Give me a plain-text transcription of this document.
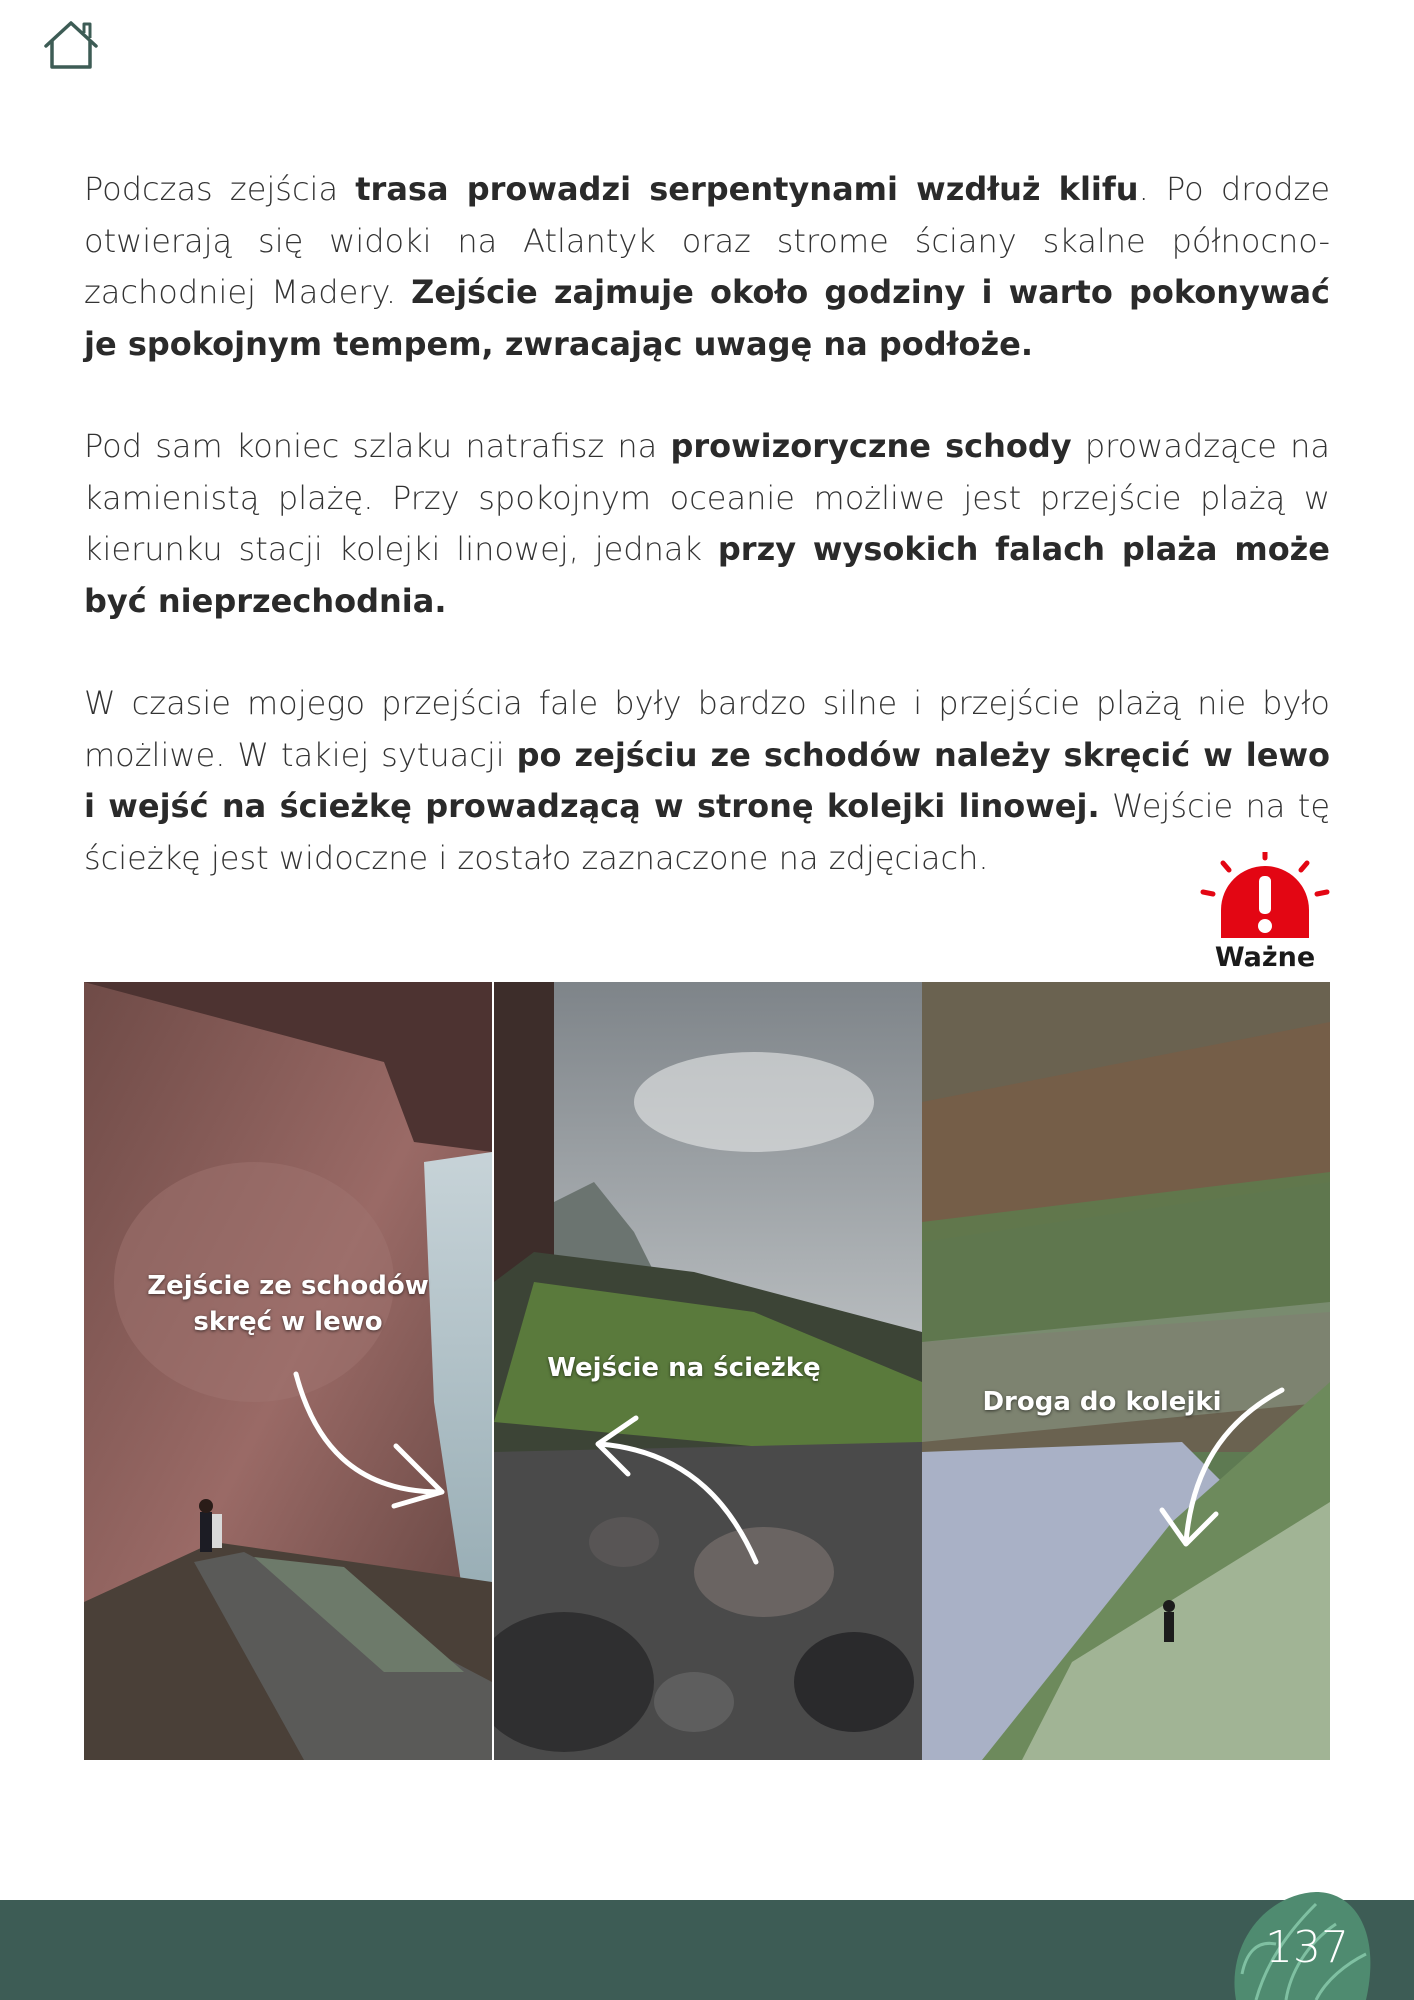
Podczas zejścia trasa prowadzi serpentynami wzdłuż klifu. Po drodze otwierają się widoki na Atlantyk oraz strome ściany skalne północno-zachodniej Madery. Zejście zajmuje około godziny i warto pokonywać je spokojnym tempem, zwracając uwagę na podłoże.

Pod sam koniec szlaku natrafisz na prowizoryczne schody prowadzące na kamienistą plażę. Przy spokojnym oceanie możliwe jest przejście plażą w kierunku stacji kolejki linowej, jednak przy wysokich falach plaża może być nieprzechodnia.

W czasie mojego przejścia fale były bardzo silne i przejście plażą nie było możliwe. W takiej sytuacji po zejściu ze schodów należy skręcić w lewo i wejść na ścieżkę prowadzącą w stronę kolejki linowej. Wejście na tę ścieżkę jest widoczne i zostało zaznaczone na zdjęciach.

Ważne
Zejście ze schodów
skręć w lewo
Wejście na ścieżkę
Droga do kolejki
137
